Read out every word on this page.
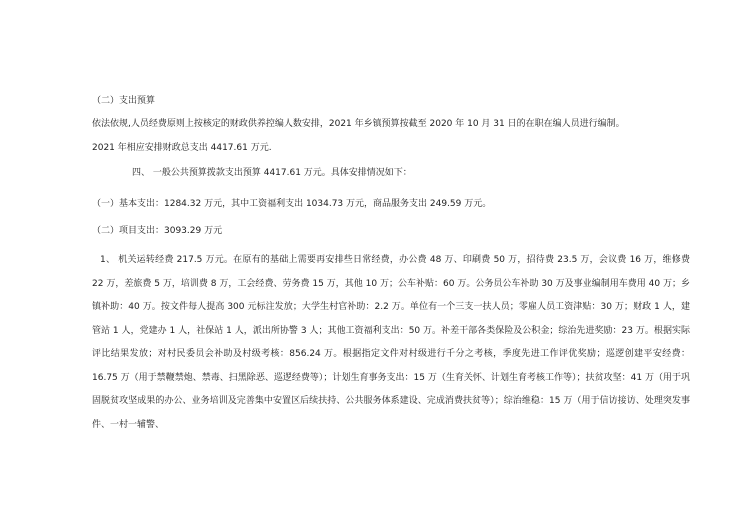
（二）支出预算
依法依规,人员经费原则上按核定的财政供养控编人数安排，2021 年乡镇预算按截至 2020 年 10 月 31 日的在职在编人员进行编制。
2021 年相应安排财政总支出 4417.61 万元.
四、 一般公共预算拨款支出预算 4417.61 万元。具体安排情况如下：
（一）基本支出：1284.32 万元，其中工资福利支出 1034.73 万元，商品服务支出 249.59 万元。
（二）项目支出：3093.29 万元

1、 机关运转经费 217.5 万元。在原有的基础上需要再安排些日常经费，办公费 48 万、印刷费 50 万，招待费 23.5 万，会议费 16 万，维修费 22 万，差旅费 5 万，培训费 8 万，工会经费、劳务费 15 万，其他 10 万；公车补贴：60 万。公务员公车补助 30 万及事业编制用车费用 40 万；乡镇补助：40 万。按文件每人提高 300 元标注发放；大学生村官补助：2.2 万。单位有一个三支一扶人员；零雇人员工资津贴：30 万；财政 1 人，建管站 1 人，党建办 1 人，社保站 1 人，派出所协警 3 人；其他工资福利支出：50 万。补差干部各类保险及公积金；综治先进奖励：23 万。根据实际评比结果发放；对村民委员会补助及村级考核：856.24 万。根据指定文件对村级进行千分之考核，季度先进工作评优奖励；巡逻创建平安经费：16.75 万（用于禁鞭禁炮、禁毒、扫黑除恶、巡逻经费等）；计划生育事务支出：15 万（生育关怀、计划生育考核工作等）；扶贫攻坚：41 万（用于巩固脱贫攻坚成果的办公、业务培训及完善集中安置区后续扶持、公共服务体系建设、完成消费扶贫等）；综治维稳：15 万（用于信访接访、处理突发事件、一村一辅警、
